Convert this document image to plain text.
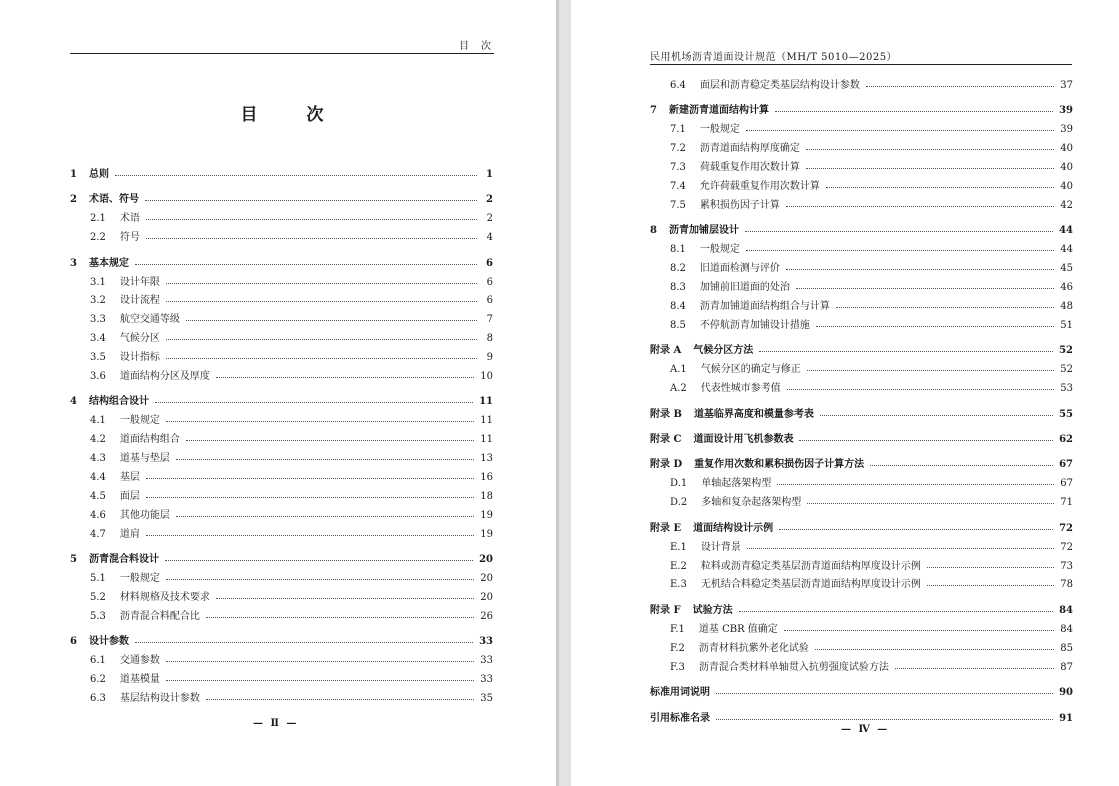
目　次
目　次
1 总则	1
2 术语、符号	2
2.1 术语	2
2.2 符号	4
3 基本规定	6
3.1 设计年限	6
3.2 设计流程	6
3.3 航空交通等级	7
3.4 气候分区	8
3.5 设计指标	9
3.6 道面结构分区及厚度	10
4 结构组合设计	11
4.1 一般规定	11
4.2 道面结构组合	11
4.3 道基与垫层	13
4.4 基层	16
4.5 面层	18
4.6 其他功能层	19
4.7 道肩	19
5 沥青混合料设计	20
5.1 一般规定	20
5.2 材料规格及技术要求	20
5.3 沥青混合料配合比	26
6 设计参数	33
6.1 交通参数	33
6.2 道基模量	33
6.3 基层结构设计参数	35
— Ⅱ —
民用机场沥青道面设计规范（MH/T 5010—2025）
6.4 面层和沥青稳定类基层结构设计参数	37
7 新建沥青道面结构计算	39
7.1 一般规定	39
7.2 沥青道面结构厚度确定	40
7.3 荷载重复作用次数计算	40
7.4 允许荷载重复作用次数计算	40
7.5 累积损伤因子计算	42
8 沥青加铺层设计	44
8.1 一般规定	44
8.2 旧道面检测与评价	45
8.3 加铺前旧道面的处治	46
8.4 沥青加铺道面结构组合与计算	48
8.5 不停航沥青加铺设计措施	51
附录 A 气候分区方法	52
A.1 气候分区的确定与修正	52
A.2 代表性城市参考值	53
附录 B 道基临界高度和模量参考表	55
附录 C 道面设计用飞机参数表	62
附录 D 重复作用次数和累积损伤因子计算方法	67
D.1 单轴起落架构型	67
D.2 多轴和复杂起落架构型	71
附录 E 道面结构设计示例	72
E.1 设计背景	72
E.2 粒料或沥青稳定类基层沥青道面结构厚度设计示例	73
E.3 无机结合料稳定类基层沥青道面结构厚度设计示例	78
附录 F 试验方法	84
F.1 道基 CBR 值确定	84
F.2 沥青材料抗紫外老化试验	85
F.3 沥青混合类材料单轴贯入抗剪强度试验方法	87
标准用词说明	90
引用标准名录	91
— Ⅳ —
